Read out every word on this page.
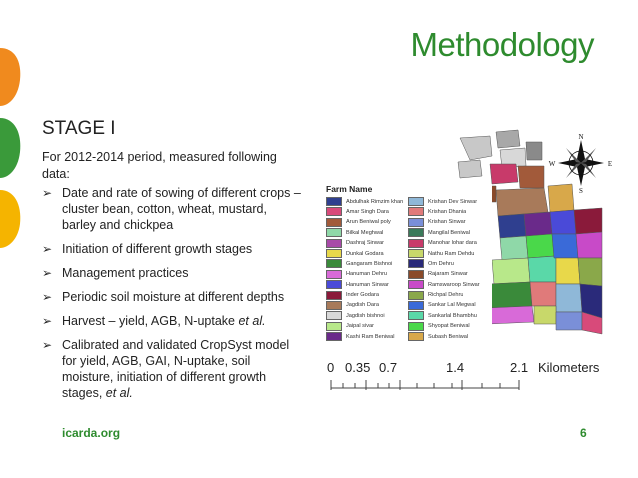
Methodology
STAGE I
For 2012-2014 period, measured following data:
➢ Date and rate of sowing of different crops –cluster bean, cotton, wheat, mustard, barley and chickpea
➢ Initiation of different growth stages
➢ Management practices
➢ Periodic soil moisture at different depths
➢ Harvest – yield, AGB, N-uptake et al.
➢ Calibrated and validated CropSyst model for yield, AGB, GAI, N-uptake, soil moisture, initiation of different growth stages, et al.
N
S
W	E
Farm Name
Abdulhak Rimzim khan	Krishan Dev Sinwar
Amar Singh Dara	Krishan Dhania
Arun Beniwal poly	Krishan Sinwar
Bilkal Meghwal	Mangilal Beniwal
Dashraj Sinwar	Manohar lohar dara
Dunkal Godara	Nathu Ram Dehdu
Gangaram Bishnoi	Om Dehru
Hanuman Dehru	Rajaram Sinwar
Hanuman Sinwar	Ramswaroop Sinwar
Inder Godara	Richpal Dehru
Jagdish Dara	Sankar Lal Megwal
Jagdish bishnoi	Sankarlal Bhambhu
Jaipal sivar	Shyopat Beniwal
Kashi Ram Beniwal	Subash Beniwal
0 0.35 0.7	1.4	2.1 Kilometers
icarda.org	6
